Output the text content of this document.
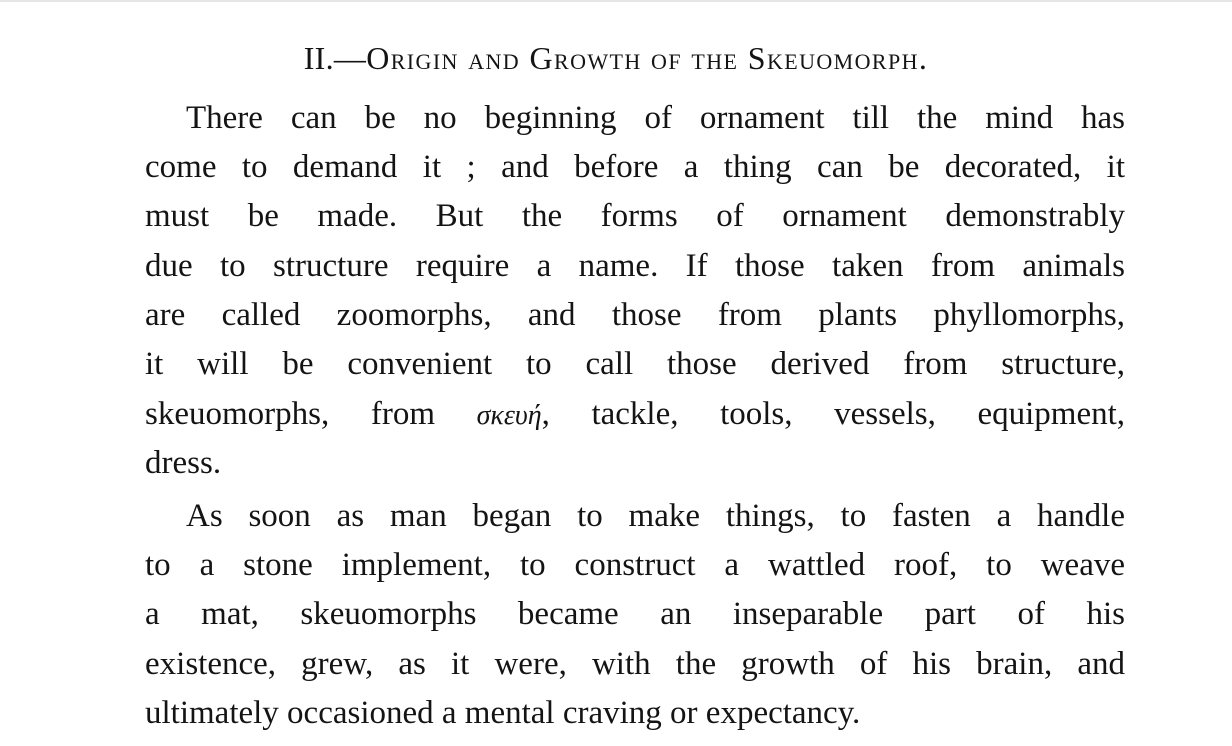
II.—Origin and Growth of the Skeuomorph.
There can be no beginning of ornament till the mind has
come to demand it ; and before a thing can be decorated, it
must be made. But the forms of ornament demonstrably
due to structure require a name. If those taken from animals
are called zoomorphs, and those from plants phyllomorphs,
it will be convenient to call those derived from structure,
skeuomorphs, from σκευή, tackle, tools, vessels, equipment,
dress.
As soon as man began to make things, to fasten a handle
to a stone implement, to construct a wattled roof, to weave
a mat, skeuomorphs became an inseparable part of his
existence, grew, as it were, with the growth of his brain, and
ultimately occasioned a mental craving or expectancy.
